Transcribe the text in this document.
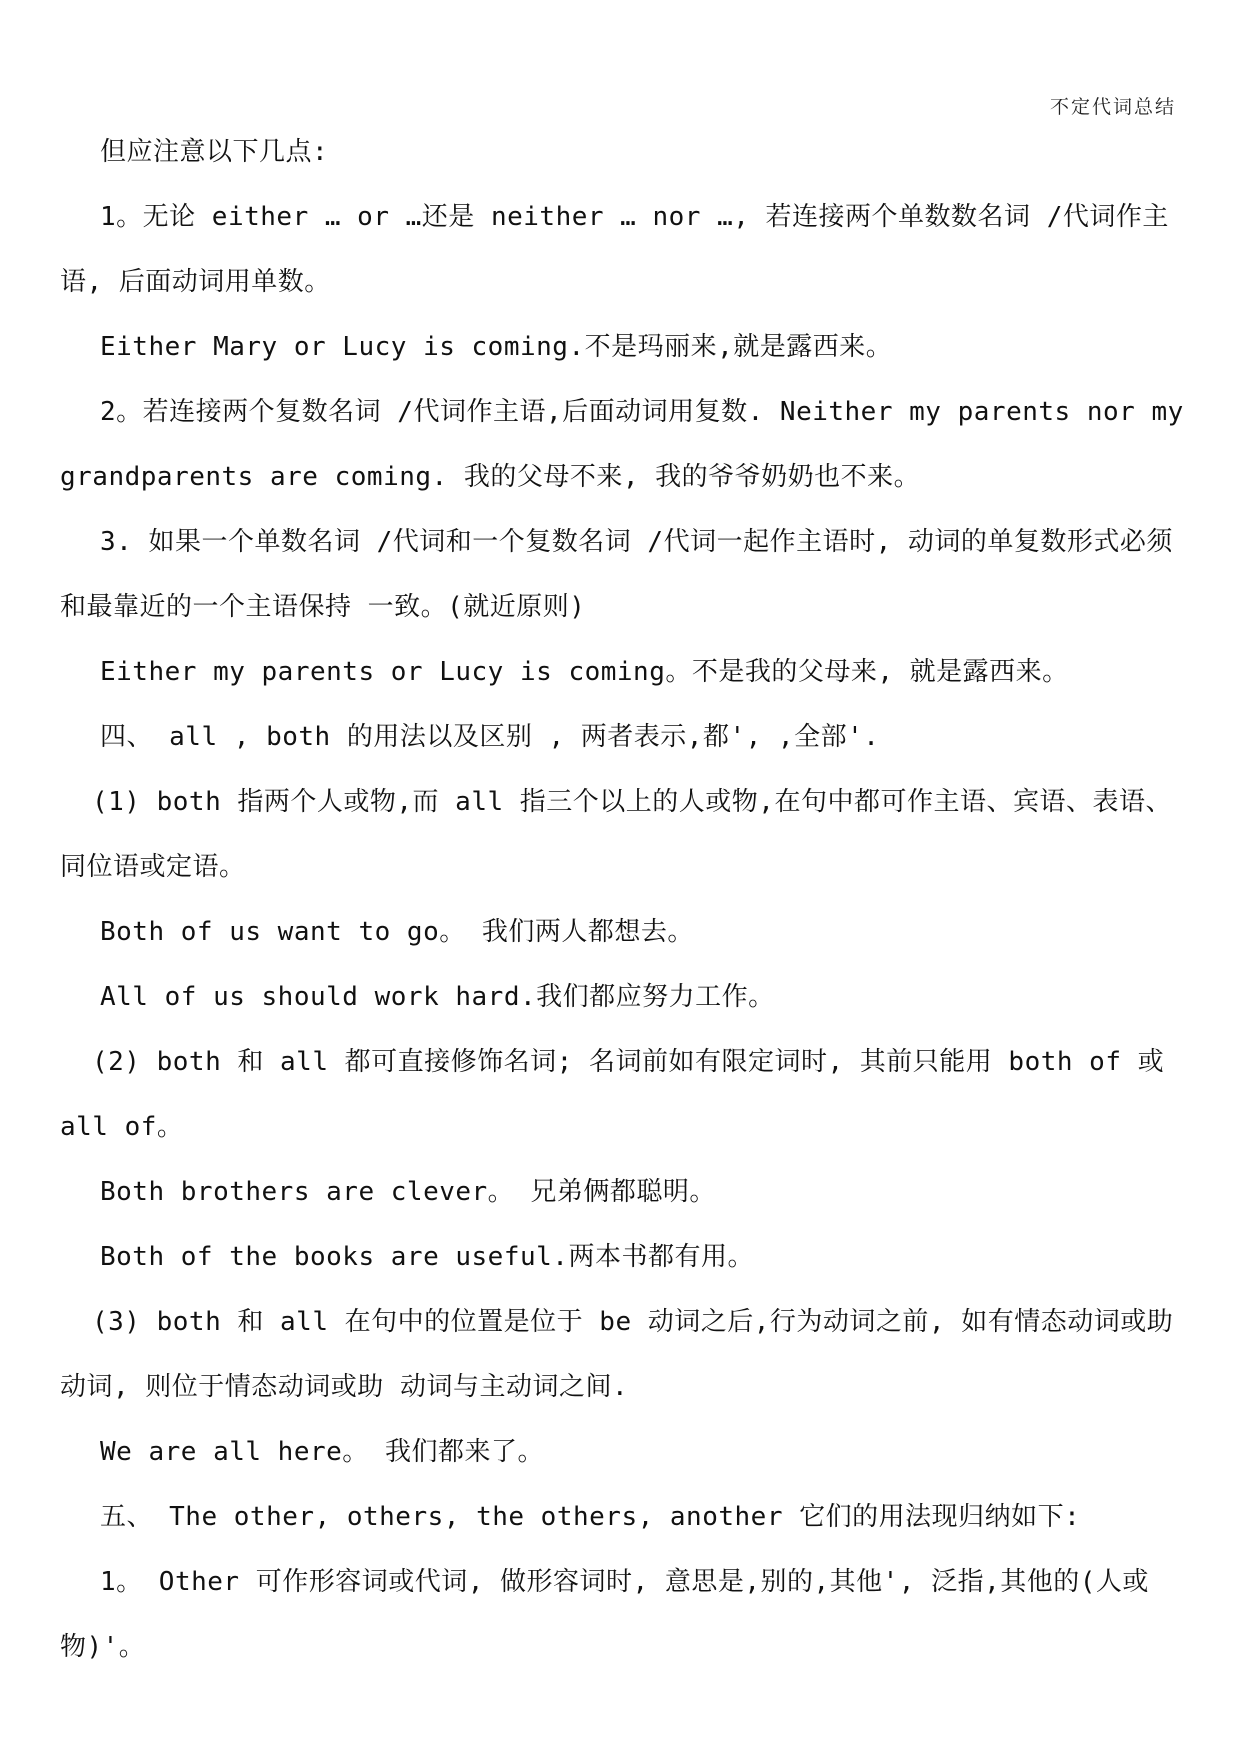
不定代词总结

但应注意以下几点:

1。无论 either … or …还是 neither … nor …, 若连接两个单数数名词 /代词作主语, 后面动词用单数。

Either Mary or Lucy is coming.不是玛丽来,就是露西来。

2。若连接两个复数名词 /代词作主语,后面动词用复数. Neither my parents nor my grandparents are coming. 我的父母不来, 我的爷爷奶奶也不来。

3. 如果一个单数名词 /代词和一个复数名词 /代词一起作主语时, 动词的单复数形式必须和最靠近的一个主语保持 一致。(就近原则)

Either my parents or Lucy is coming。不是我的父母来, 就是露西来。

四、 all , both 的用法以及区别 , 两者表示,都', ,全部'.

(1) both 指两个人或物,而 all 指三个以上的人或物,在句中都可作主语、宾语、表语、同位语或定语。

Both of us want to go。 我们两人都想去。

All of us should work hard.我们都应努力工作。

(2) both 和 all 都可直接修饰名词; 名词前如有限定词时, 其前只能用 both of 或 all of。

Both brothers are clever。 兄弟俩都聪明。

Both of the books are useful.两本书都有用。

(3) both 和 all 在句中的位置是位于 be 动词之后,行为动词之前, 如有情态动词或助动词, 则位于情态动词或助 动词与主动词之间.

We are all here。 我们都来了。

五、 The other, others, the others, another 它们的用法现归纳如下:

1。 Other 可作形容词或代词, 做形容词时, 意思是,别的,其他', 泛指,其他的(人或物)'。
